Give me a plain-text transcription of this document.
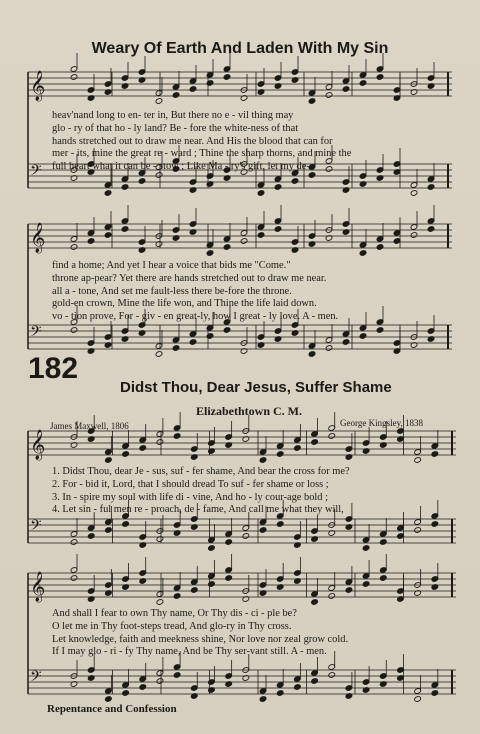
𝄞
𝄢
𝄞
𝄢
𝄞
𝄢
𝄞
𝄢
Weary Of Earth And Laden With My Sin
heav'nand long to en- ter in, But there no e - vil thing may
glo - ry of that ho - ly land? Be - fore the white-ness of that
hands stretched out to draw me near. And His the blood that can for
mer - its, mine the great re - ward ; Thine the sharp thorns, and mine the
full heart what it can be - stow ; Like Ma - ry's gift, let my de-
find a home; And yet I hear a voice that bids me "Come."
throne ap-pear? Yet there are hands stretched out to draw me near.
all a - tone, And set me fault-less there be-fore the throne.
gold-en crown, Mine the life won, and Thine the life laid down.
vo - tion prove, For - giv - en great-ly, how I great - ly love. A - men.
182
Didst Thou, Dear Jesus, Suffer Shame
Elizabethtown C. M.
James Maxwell, 1806	George Kingsley, 1838
1. Didst Thou, dear Je - sus, suf - fer shame, And bear the cross for me?
2. For - bid it, Lord, that I should dread To suf - fer shame or loss ;
3. In - spire my soul with life di - vine, And ho - ly cour-age bold ;
4. Let sin - ful men re - proach, de - fame, And call me what they will,
And shall I fear to own Thy name, Or Thy dis - ci - ple be?
O let me in Thy foot-steps tread, And glo-ry in Thy cross.
Let knowledge, faith and meekness shine, Nor love nor zeal grow cold.
If I may glo - ri - fy Thy name, And be Thy ser-vant still. A - men.
Repentance and Confession
